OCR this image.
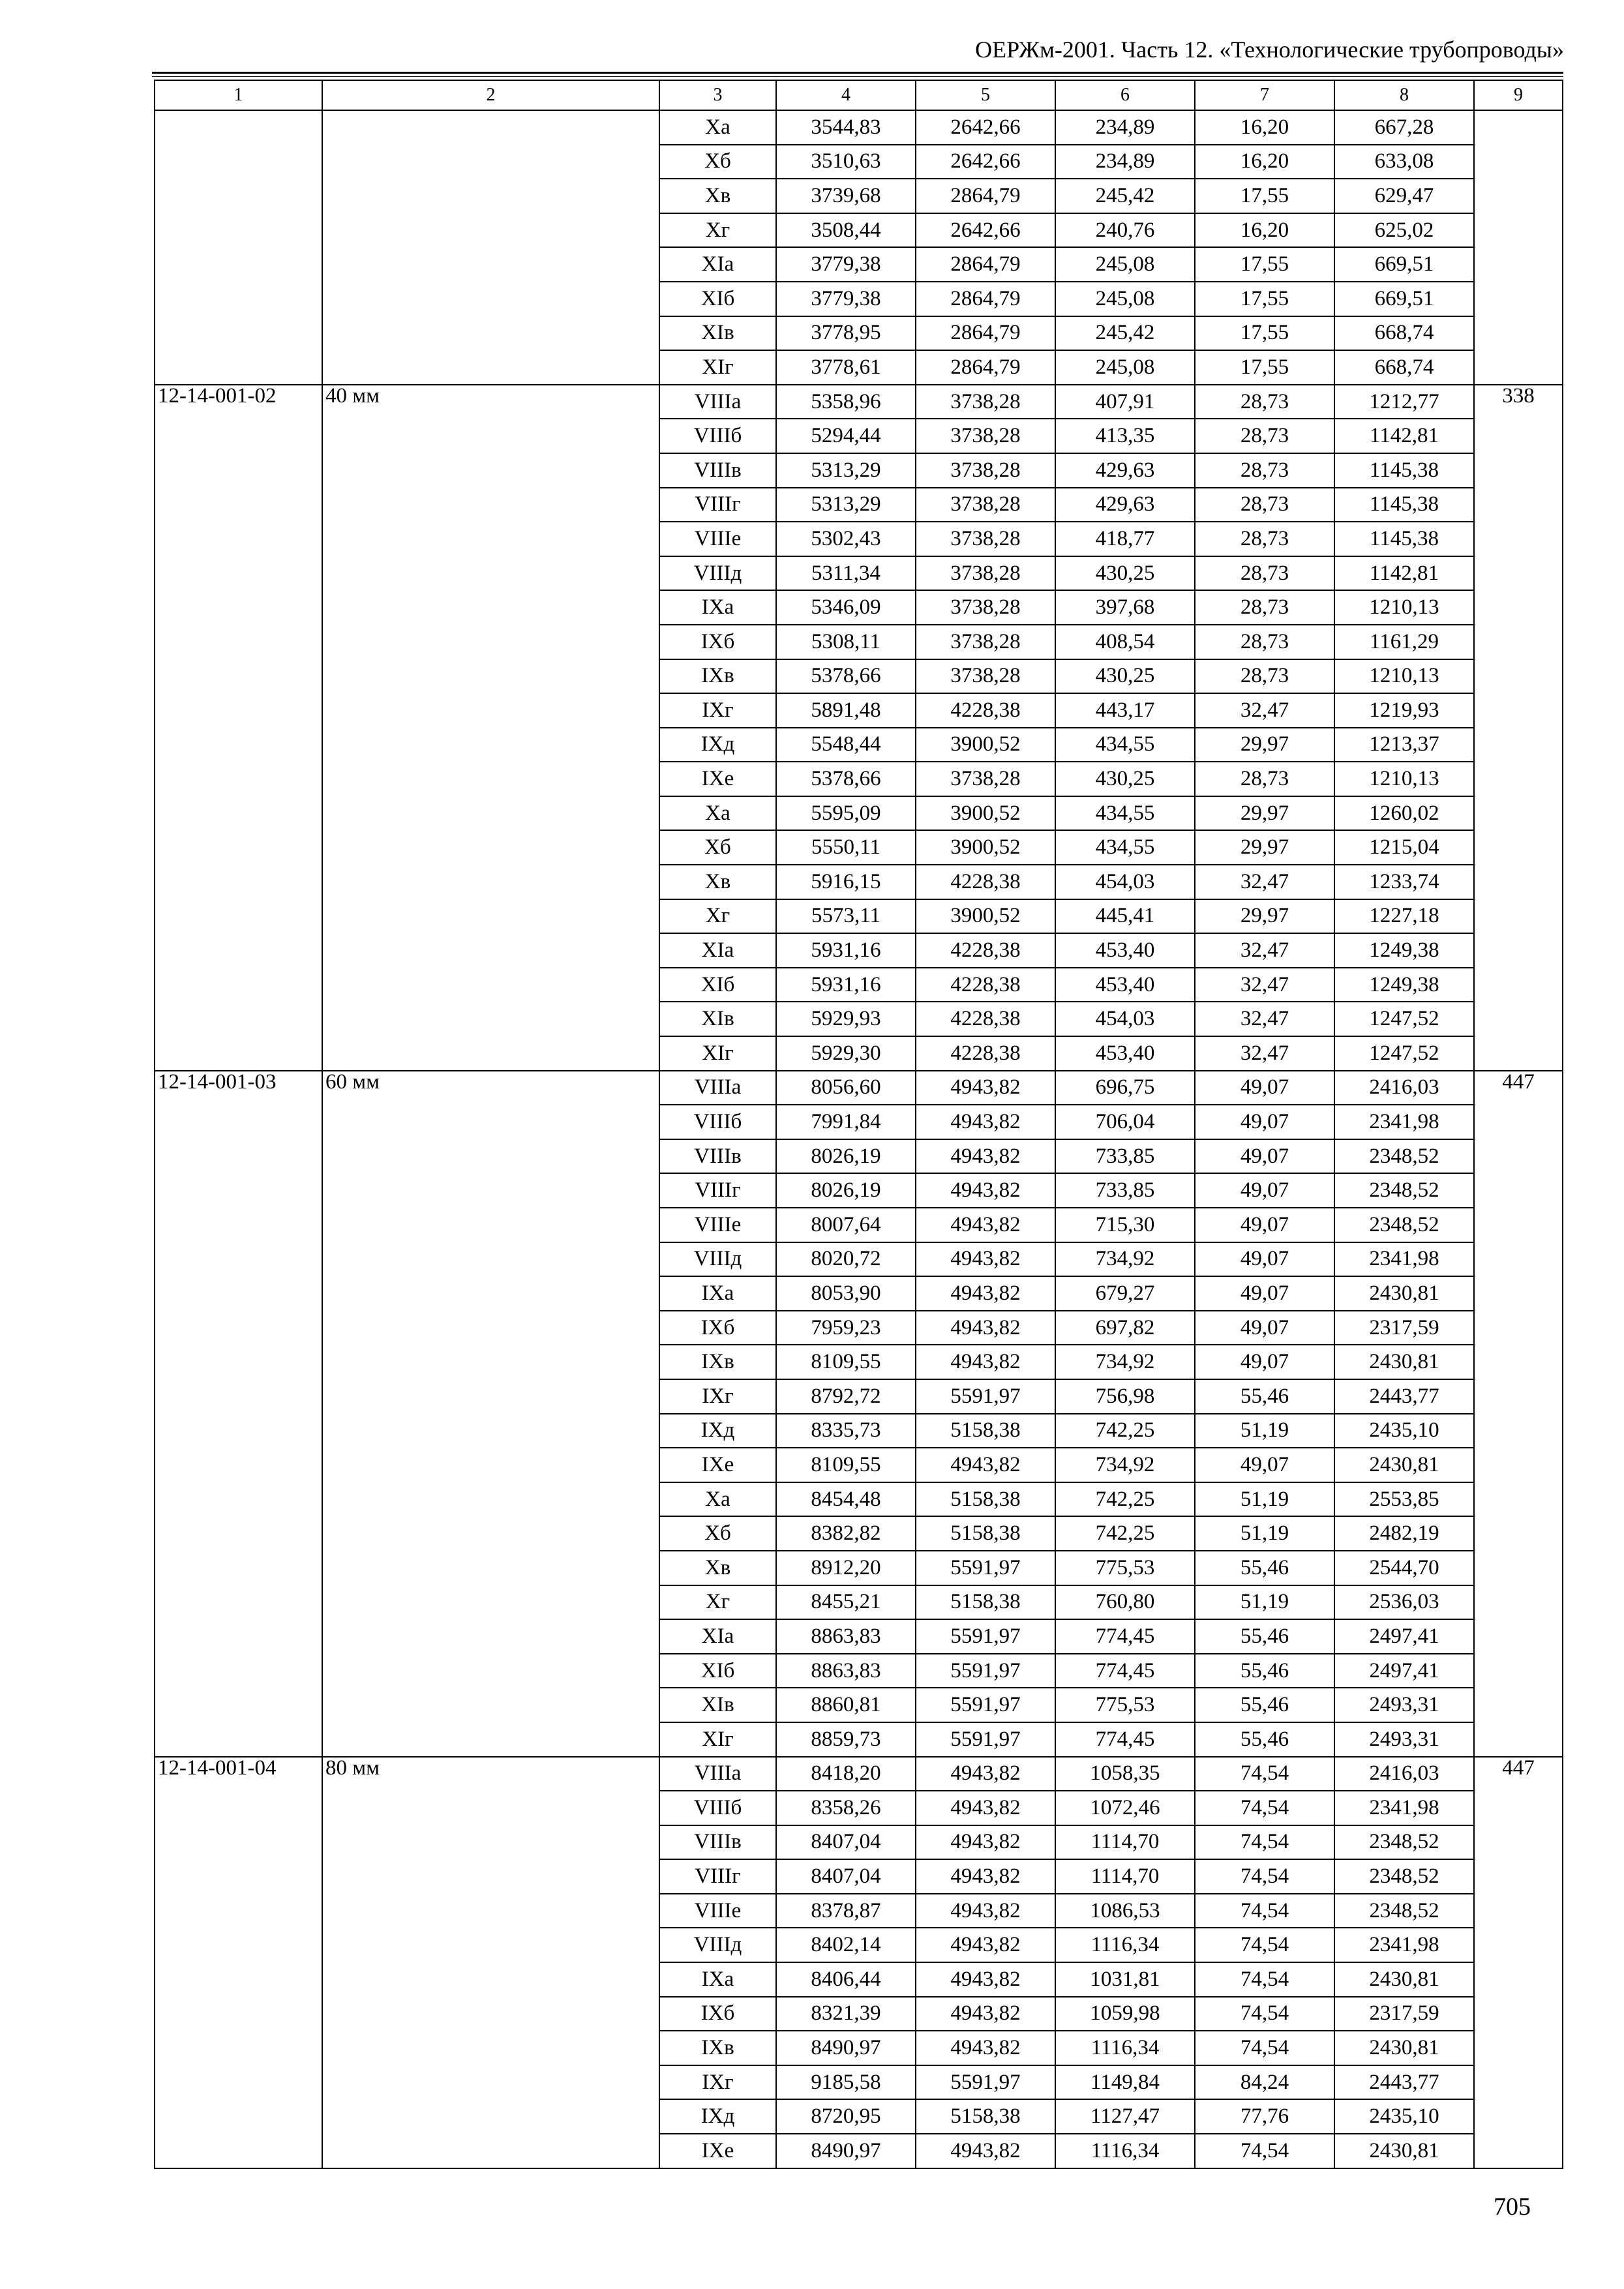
ОЕРЖм-2001. Часть 12. «Технологические трубопроводы»
1	2	3	4	5	6	7	8	9
		Xa	3544,83	2642,66	234,89	16,20	667,28	
		Xб	3510,63	2642,66	234,89	16,20	633,08	
		Xв	3739,68	2864,79	245,42	17,55	629,47	
		Xг	3508,44	2642,66	240,76	16,20	625,02	
		XIa	3779,38	2864,79	245,08	17,55	669,51	
		XIб	3779,38	2864,79	245,08	17,55	669,51	
		XIв	3778,95	2864,79	245,42	17,55	668,74	
		XIг	3778,61	2864,79	245,08	17,55	668,74	
12-14-001-02	40 мм	VIIIa	5358,96	3738,28	407,91	28,73	1212,77	338
		VIIIб	5294,44	3738,28	413,35	28,73	1142,81	
		VIIIв	5313,29	3738,28	429,63	28,73	1145,38	
		VIIIг	5313,29	3738,28	429,63	28,73	1145,38	
		VIIIe	5302,43	3738,28	418,77	28,73	1145,38	
		VIIIд	5311,34	3738,28	430,25	28,73	1142,81	
		IXa	5346,09	3738,28	397,68	28,73	1210,13	
		IXб	5308,11	3738,28	408,54	28,73	1161,29	
		IXв	5378,66	3738,28	430,25	28,73	1210,13	
		IXг	5891,48	4228,38	443,17	32,47	1219,93	
		IXд	5548,44	3900,52	434,55	29,97	1213,37	
		IXe	5378,66	3738,28	430,25	28,73	1210,13	
		Xa	5595,09	3900,52	434,55	29,97	1260,02	
		Xб	5550,11	3900,52	434,55	29,97	1215,04	
		Xв	5916,15	4228,38	454,03	32,47	1233,74	
		Xг	5573,11	3900,52	445,41	29,97	1227,18	
		XIa	5931,16	4228,38	453,40	32,47	1249,38	
		XIб	5931,16	4228,38	453,40	32,47	1249,38	
		XIв	5929,93	4228,38	454,03	32,47	1247,52	
		XIг	5929,30	4228,38	453,40	32,47	1247,52	
12-14-001-03	60 мм	VIIIa	8056,60	4943,82	696,75	49,07	2416,03	447
		VIIIб	7991,84	4943,82	706,04	49,07	2341,98	
		VIIIв	8026,19	4943,82	733,85	49,07	2348,52	
		VIIIг	8026,19	4943,82	733,85	49,07	2348,52	
		VIIIe	8007,64	4943,82	715,30	49,07	2348,52	
		VIIIд	8020,72	4943,82	734,92	49,07	2341,98	
		IXa	8053,90	4943,82	679,27	49,07	2430,81	
		IXб	7959,23	4943,82	697,82	49,07	2317,59	
		IXв	8109,55	4943,82	734,92	49,07	2430,81	
		IXг	8792,72	5591,97	756,98	55,46	2443,77	
		IXд	8335,73	5158,38	742,25	51,19	2435,10	
		IXe	8109,55	4943,82	734,92	49,07	2430,81	
		Xa	8454,48	5158,38	742,25	51,19	2553,85	
		Xб	8382,82	5158,38	742,25	51,19	2482,19	
		Xв	8912,20	5591,97	775,53	55,46	2544,70	
		Xг	8455,21	5158,38	760,80	51,19	2536,03	
		XIa	8863,83	5591,97	774,45	55,46	2497,41	
		XIб	8863,83	5591,97	774,45	55,46	2497,41	
		XIв	8860,81	5591,97	775,53	55,46	2493,31	
		XIг	8859,73	5591,97	774,45	55,46	2493,31	
12-14-001-04	80 мм	VIIIa	8418,20	4943,82	1058,35	74,54	2416,03	447
		VIIIб	8358,26	4943,82	1072,46	74,54	2341,98	
		VIIIв	8407,04	4943,82	1114,70	74,54	2348,52	
		VIIIг	8407,04	4943,82	1114,70	74,54	2348,52	
		VIIIe	8378,87	4943,82	1086,53	74,54	2348,52	
		VIIIд	8402,14	4943,82	1116,34	74,54	2341,98	
		IXa	8406,44	4943,82	1031,81	74,54	2430,81	
		IXб	8321,39	4943,82	1059,98	74,54	2317,59	
		IXв	8490,97	4943,82	1116,34	74,54	2430,81	
		IXг	9185,58	5591,97	1149,84	84,24	2443,77	
		IXд	8720,95	5158,38	1127,47	77,76	2435,10	
		IXe	8490,97	4943,82	1116,34	74,54	2430,81	
705
